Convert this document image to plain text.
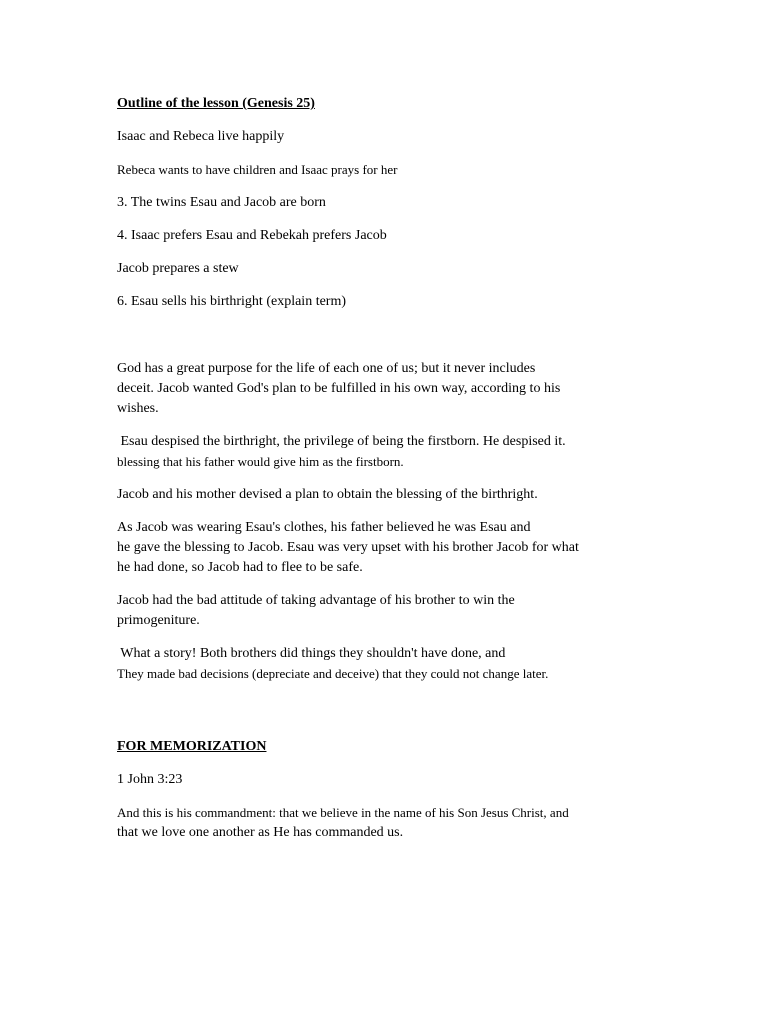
Outline of the lesson (Genesis 25)
Isaac and Rebeca live happily
Rebeca wants to have children and Isaac prays for her
3. The twins Esau and Jacob are born
4. Isaac prefers Esau and Rebekah prefers Jacob
Jacob prepares a stew
6. Esau sells his birthright (explain term)
God has a great purpose for the life of each one of us; but it never includes
deceit. Jacob wanted God's plan to be fulfilled in his own way, according to his
wishes.
Esau despised the birthright, the privilege of being the firstborn. He despised it.
blessing that his father would give him as the firstborn.
Jacob and his mother devised a plan to obtain the blessing of the birthright.
As Jacob was wearing Esau's clothes, his father believed he was Esau and
he gave the blessing to Jacob. Esau was very upset with his brother Jacob for what
he had done, so Jacob had to flee to be safe.
Jacob had the bad attitude of taking advantage of his brother to win the
primogeniture.
What a story! Both brothers did things they shouldn't have done, and
They made bad decisions (depreciate and deceive) that they could not change later.
FOR MEMORIZATION
1 John 3:23
And this is his commandment: that we believe in the name of his Son Jesus Christ, and
that we love one another as He has commanded us.
